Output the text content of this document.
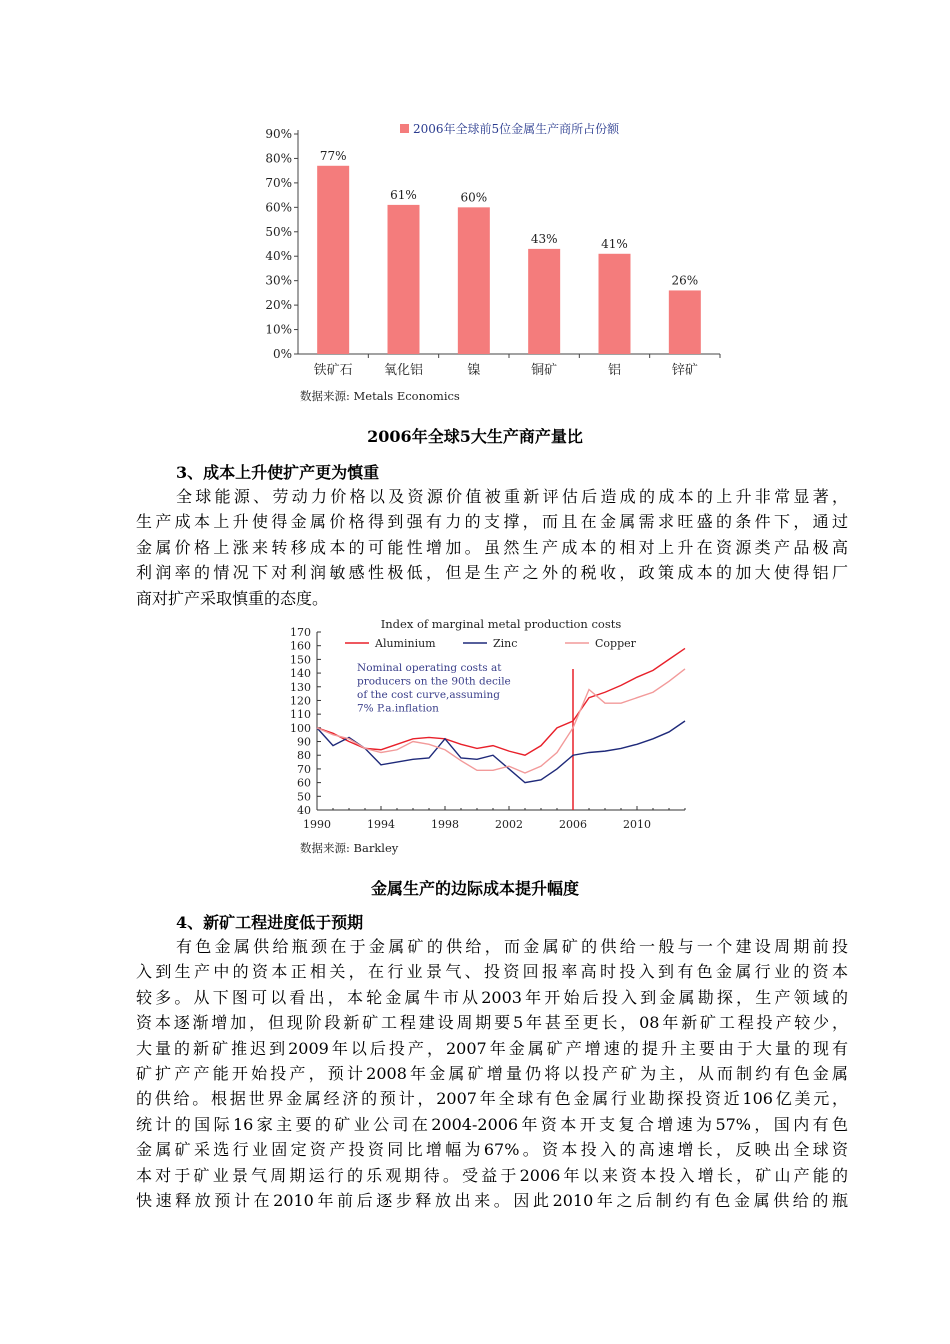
0%
10%
20%
30%
40%
50%
60%
70%
80%
90%
77%
铁矿石
61%
氧化铝
60%
镍
43%
铜矿
41%
铝
26%
锌矿
2006年全球前5位金属生产商所占份额
数据来源: Metals Economics
2006年全球5大生产商产量比
3、成本上升使扩产更为慎重

全球能源、劳动力价格以及资源价值被重新评估后造成的成本的上升非常显著，

生产成本上升使得金属价格得到强有力的支撑，而且在金属需求旺盛的条件下，通过

金属价格上涨来转移成本的可能性增加。虽然生产成本的相对上升在资源类产品极高

利润率的情况下对利润敏感性极低，但是生产之外的税收，政策成本的加大使得铝厂

商对扩产采取慎重的态度。

40
50
60
70
80
90
100
110
120
130
140
150
160
170
1990	1994	1998	2002	2006	2010
Index of marginal metal production costs
Aluminium	Zinc	Copper
Nominal operating costs at
producers on the 90th decile
of the cost curve,assuming
7% P.a.inflation
数据来源: Barkley
金属生产的边际成本提升幅度
4、新矿工程进度低于预期

有色金属供给瓶颈在于金属矿的供给，而金属矿的供给一般与一个建设周期前投

入到生产中的资本正相关，在行业景气、投资回报率高时投入到有色金属行业的资本

较多。从下图可以看出，本轮金属牛市从2003年开始后投入到金属勘探，生产领域的

资本逐渐增加，但现阶段新矿工程建设周期要5年甚至更长，08年新矿工程投产较少，

大量的新矿推迟到2009年以后投产，2007年金属矿产增速的提升主要由于大量的现有

矿扩产产能开始投产，预计2008年金属矿增量仍将以投产矿为主，从而制约有色金属

的供给。根据世界金属经济的预计，2007年全球有色金属行业勘探投资近106亿美元，

统计的国际16家主要的矿业公司在2004-2006年资本开支复合增速为57%，国内有色

金属矿采选行业固定资产投资同比增幅为67%。资本投入的高速增长，反映出全球资

本对于矿业景气周期运行的乐观期待。受益于2006年以来资本投入增长，矿山产能的

快速释放预计在2010年前后逐步释放出来。因此2010年之后制约有色金属供给的瓶
